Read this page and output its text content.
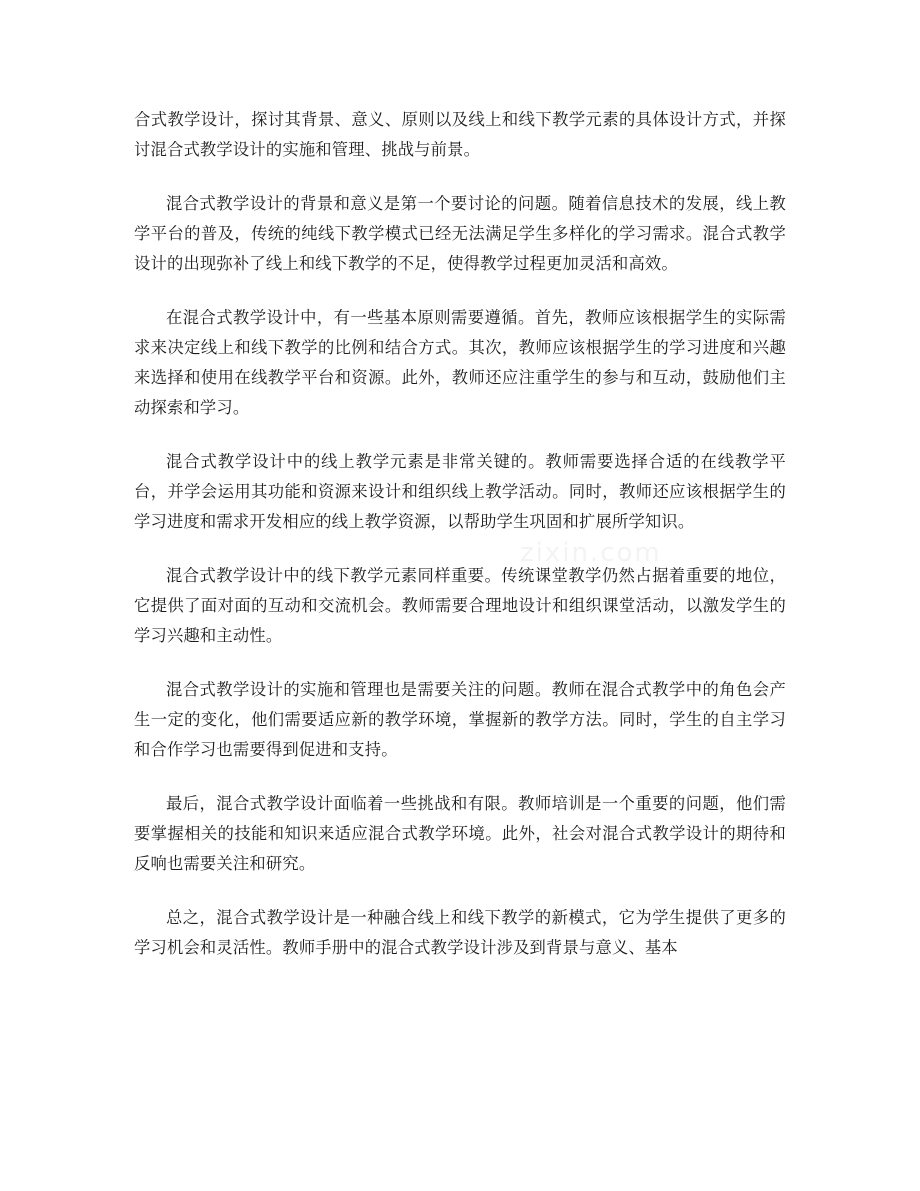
合式教学设计，探讨其背景、意义、原则以及线上和线下教学元素的具体设计方式，并探讨混合式教学设计的实施和管理、挑战与前景。

混合式教学设计的背景和意义是第一个要讨论的问题。随着信息技术的发展，线上教学平台的普及，传统的纯线下教学模式已经无法满足学生多样化的学习需求。混合式教学设计的出现弥补了线上和线下教学的不足，使得教学过程更加灵活和高效。

在混合式教学设计中，有一些基本原则需要遵循。首先，教师应该根据学生的实际需求来决定线上和线下教学的比例和结合方式。其次，教师应该根据学生的学习进度和兴趣来选择和使用在线教学平台和资源。此外，教师还应注重学生的参与和互动，鼓励他们主动探索和学习。

混合式教学设计中的线上教学元素是非常关键的。教师需要选择合适的在线教学平台，并学会运用其功能和资源来设计和组织线上教学活动。同时，教师还应该根据学生的学习进度和需求开发相应的线上教学资源，以帮助学生巩固和扩展所学知识。

混合式教学设计中的线下教学元素同样重要。传统课堂教学仍然占据着重要的地位，它提供了面对面的互动和交流机会。教师需要合理地设计和组织课堂活动，以激发学生的学习兴趣和主动性。

混合式教学设计的实施和管理也是需要关注的问题。教师在混合式教学中的角色会产生一定的变化，他们需要适应新的教学环境，掌握新的教学方法。同时，学生的自主学习和合作学习也需要得到促进和支持。

最后，混合式教学设计面临着一些挑战和有限。教师培训是一个重要的问题，他们需要掌握相关的技能和知识来适应混合式教学环境。此外，社会对混合式教学设计的期待和反响也需要关注和研究。

总之，混合式教学设计是一种融合线上和线下教学的新模式，它为学生提供了更多的学习机会和灵活性。教师手册中的混合式教学设计涉及到背景与意义、基本

zixin.com
